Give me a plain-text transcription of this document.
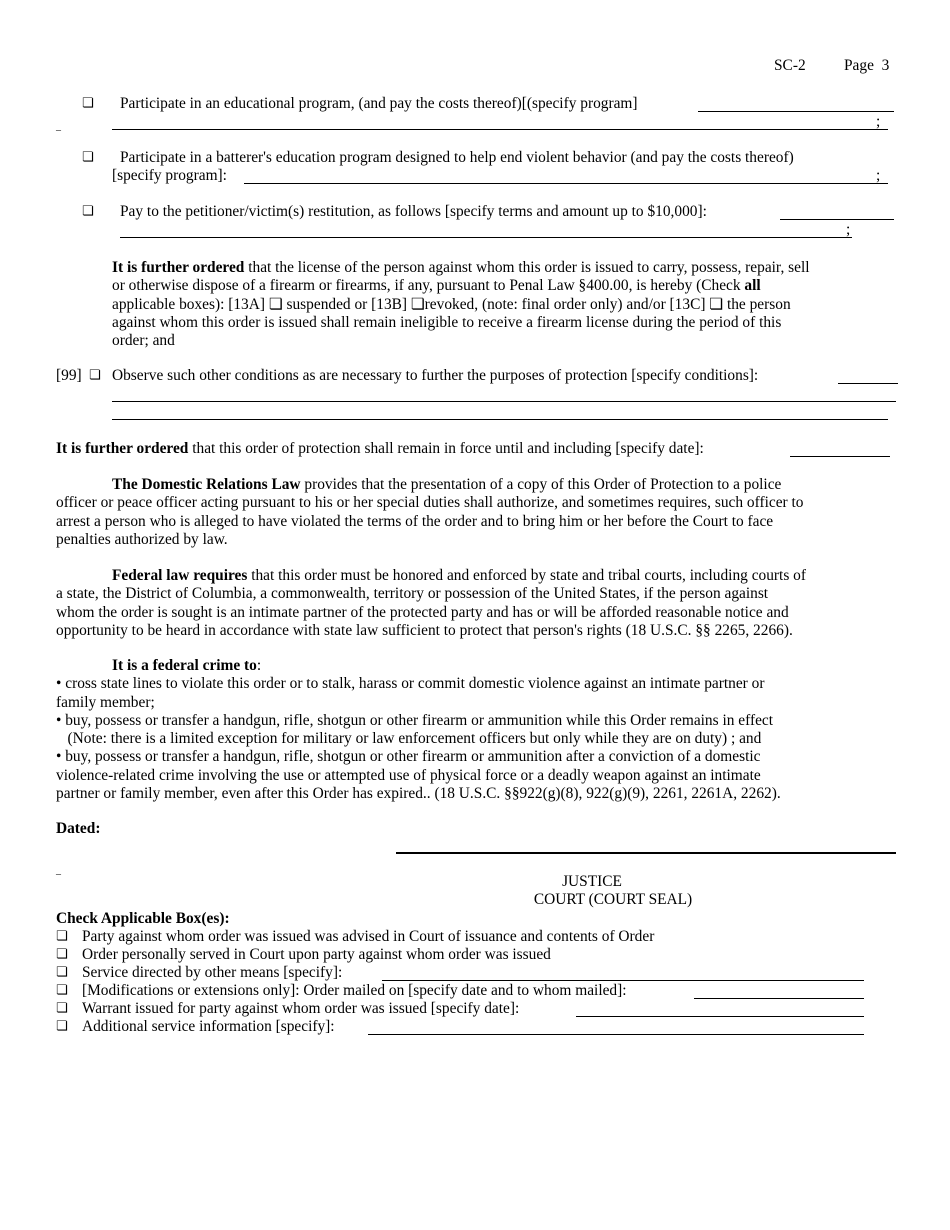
SC-2 Page 3
❏ Participate in an educational program, (and pay the costs thereof)[(specify program]
_	;
❏ Participate in a batterer's education program designed to help end violent behavior (and pay the costs thereof)
[specify program]:	;
❏ Pay to the petitioner/victim(s) restitution, as follows [specify terms and amount up to $10,000]:
;
It is further ordered that the license of the person against whom this order is issued to carry, possess, repair, sell
or otherwise dispose of a firearm or firearms, if any, pursuant to Penal Law §400.00, is hereby (Check all
applicable boxes): [13A] ❏ suspended or [13B] ❏revoked, (note: final order only) and/or [13C] ❏ the person
against whom this order is issued shall remain ineligible to receive a firearm license during the period of this
order; and
[99] ❏ Observe such other conditions as are necessary to further the purposes of protection [specify conditions]:
It is further ordered that this order of protection shall remain in force until and including [specify date]:
The Domestic Relations Law provides that the presentation of a copy of this Order of Protection to a police
officer or peace officer acting pursuant to his or her special duties shall authorize, and sometimes requires, such officer to
arrest a person who is alleged to have violated the terms of the order and to bring him or her before the Court to face
penalties authorized by law.
Federal law requires that this order must be honored and enforced by state and tribal courts, including courts of
a state, the District of Columbia, a commonwealth, territory or possession of the United States, if the person against
whom the order is sought is an intimate partner of the protected party and has or will be afforded reasonable notice and
opportunity to be heard in accordance with state law sufficient to protect that person's rights (18 U.S.C. §§ 2265, 2266).
It is a federal crime to:
• cross state lines to violate this order or to stalk, harass or commit domestic violence against an intimate partner or
family member;
• buy, possess or transfer a handgun, rifle, shotgun or other firearm or ammunition while this Order remains in effect
(Note: there is a limited exception for military or law enforcement officers but only while they are on duty) ; and
• buy, possess or transfer a handgun, rifle, shotgun or other firearm or ammunition after a conviction of a domestic
violence-related crime involving the use or attempted use of physical force or a deadly weapon against an intimate
partner or family member, even after this Order has expired.. (18 U.S.C. §§922(g)(8), 922(g)(9), 2261, 2261A, 2262).
Dated:
_
JUSTICE
COURT (COURT SEAL)
Check Applicable Box(es):
❏ Party against whom order was issued was advised in Court of issuance and contents of Order
❏ Order personally served in Court upon party against whom order was issued
❏ Service directed by other means [specify]:
❏ [Modifications or extensions only]: Order mailed on [specify date and to whom mailed]:
❏ Warrant issued for party against whom order was issued [specify date]:
❏ Additional service information [specify]:
